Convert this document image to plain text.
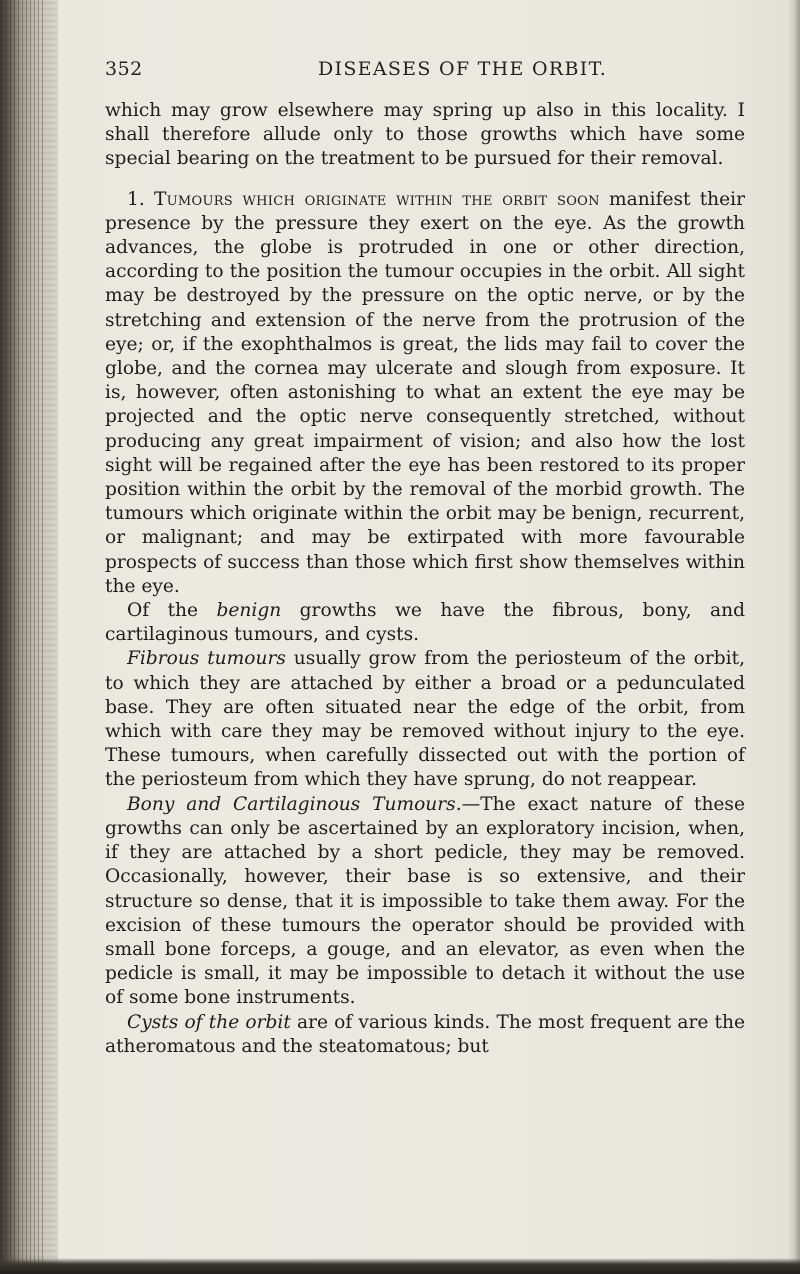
352	DISEASES OF THE ORBIT.

which may grow elsewhere may spring up also in this locality. I shall therefore allude only to those growths which have some special bearing on the treatment to be pursued for their removal.

1. Tumours which originate within the orbit soon manifest their presence by the pressure they exert on the eye. As the growth advances, the globe is protruded in one or other direction, according to the position the tumour occupies in the orbit. All sight may be destroyed by the pressure on the optic nerve, or by the stretching and extension of the nerve from the protrusion of the eye; or, if the exophthalmos is great, the lids may fail to cover the globe, and the cornea may ulcerate and slough from exposure. It is, however, often astonishing to what an extent the eye may be projected and the optic nerve consequently stretched, without producing any great impairment of vision; and also how the lost sight will be regained after the eye has been restored to its proper position within the orbit by the removal of the morbid growth. The tumours which originate within the orbit may be benign, recurrent, or malignant; and may be extirpated with more favourable prospects of success than those which first show themselves within the eye.

Of the benign growths we have the fibrous, bony, and cartilaginous tumours, and cysts.

Fibrous tumours usually grow from the periosteum of the orbit, to which they are attached by either a broad or a pedunculated base. They are often situated near the edge of the orbit, from which with care they may be removed without injury to the eye. These tumours, when carefully dissected out with the portion of the periosteum from which they have sprung, do not reappear.

Bony and Cartilaginous Tumours.—The exact nature of these growths can only be ascertained by an exploratory incision, when, if they are attached by a short pedicle, they may be removed. Occasionally, however, their base is so extensive, and their structure so dense, that it is impossible to take them away. For the excision of these tumours the operator should be provided with small bone forceps, a gouge, and an elevator, as even when the pedicle is small, it may be impossible to detach it without the use of some bone instruments.

Cysts of the orbit are of various kinds. The most frequent are the atheromatous and the steatomatous; but
